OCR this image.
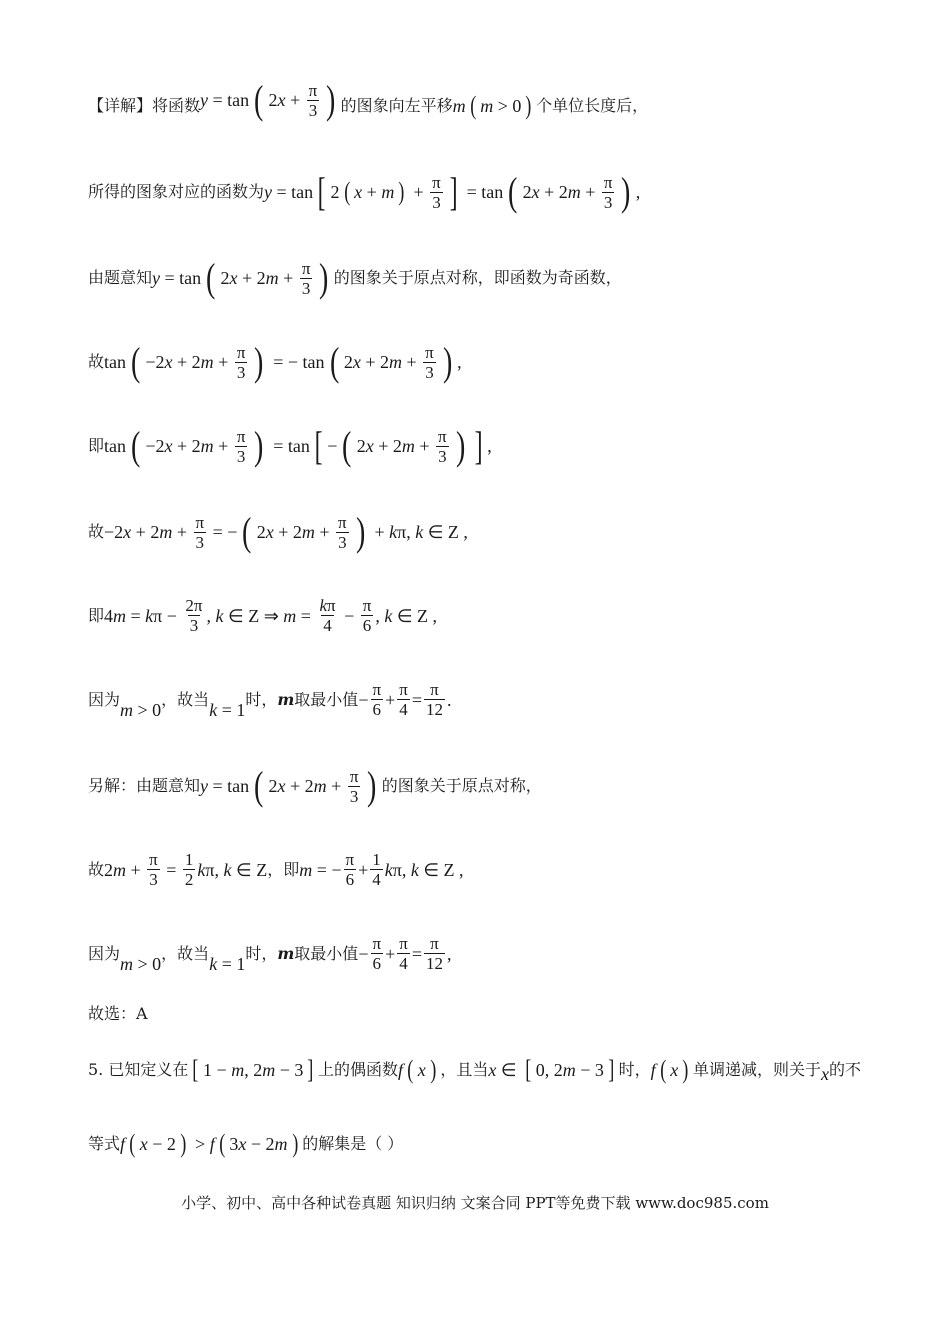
【详解】将函数 y = tan ( 2 $x + \frac{\pi}{3}$ ) 的图象向左平移 m ( m > 0 ) 个单位长度后，
所得的图象对应的函数为 y = tan [ 2 ( x + m ) + $\frac{\pi}{3}$ ] = tan ( 2 x + 2 $m + \frac{\pi}{3}$ ) ,
由题意知 y = tan ( 2 x + 2 $m + \frac{\pi}{3}$ ) 的图象关于原点对称，即函数为奇函数，
故 tan ( −2 x + 2 $m + \frac{\pi}{3}$ ) = − tan ( 2 x + 2 $m + \frac{\pi}{3}$ ) ,
即 tan ( −2 x + 2 $m + \frac{\pi}{3}$ ) = tan [ − ( 2 x + 2 $m + \frac{\pi}{3}$ ) ] ,
故 −2 x + 2 $m + \frac{\pi}{3}$ = − ( 2 x + 2 $m + \frac{\pi}{3}$ ) + k π, k ∈ Z ,
即 4 m = k $\pi - \frac{2\pi}{3}$ , k ∈ Z ⇒ $m = \frac{k\pi}{4} - \frac{\pi}{6}$ , k ∈ Z ,
因为
m > 0
，故当
k = 1
时， m 取最小值 − $\frac{\pi}{6} + \frac{\pi}{4} = \frac{\pi}{12}$ .
另解：由题意知 y = tan ( 2 x + 2 $m + \frac{\pi}{3}$ ) 的图象关于原点对称，
故 2 $m + \frac{\pi}{3} = \frac{1}{2}$ k π, k ∈ Z ，即 m = − $\frac{\pi}{6} + \frac{1}{4}$ k π, k ∈ Z ,
因为
m > 0
，故当
k = 1
时， m 取最小值 − $\frac{\pi}{6} + \frac{\pi}{4} = \frac{\pi}{12}$ ,
故选：A
5. 已知定义在 [ 1 − m , 2 m − 3 ] 上的偶函数 f ( x ) ，且当 x ∈ [ 0, 2 m − 3 ] 时， f ( x ) 单调递减，则关于 x 的不
等式 f ( x − 2 ) > f ( 3 x − 2 m ) 的解集是（ ）
小学、初中、高中各种试卷真题 知识归纳 文案合同 PPT等免费下载 www.doc985.com
